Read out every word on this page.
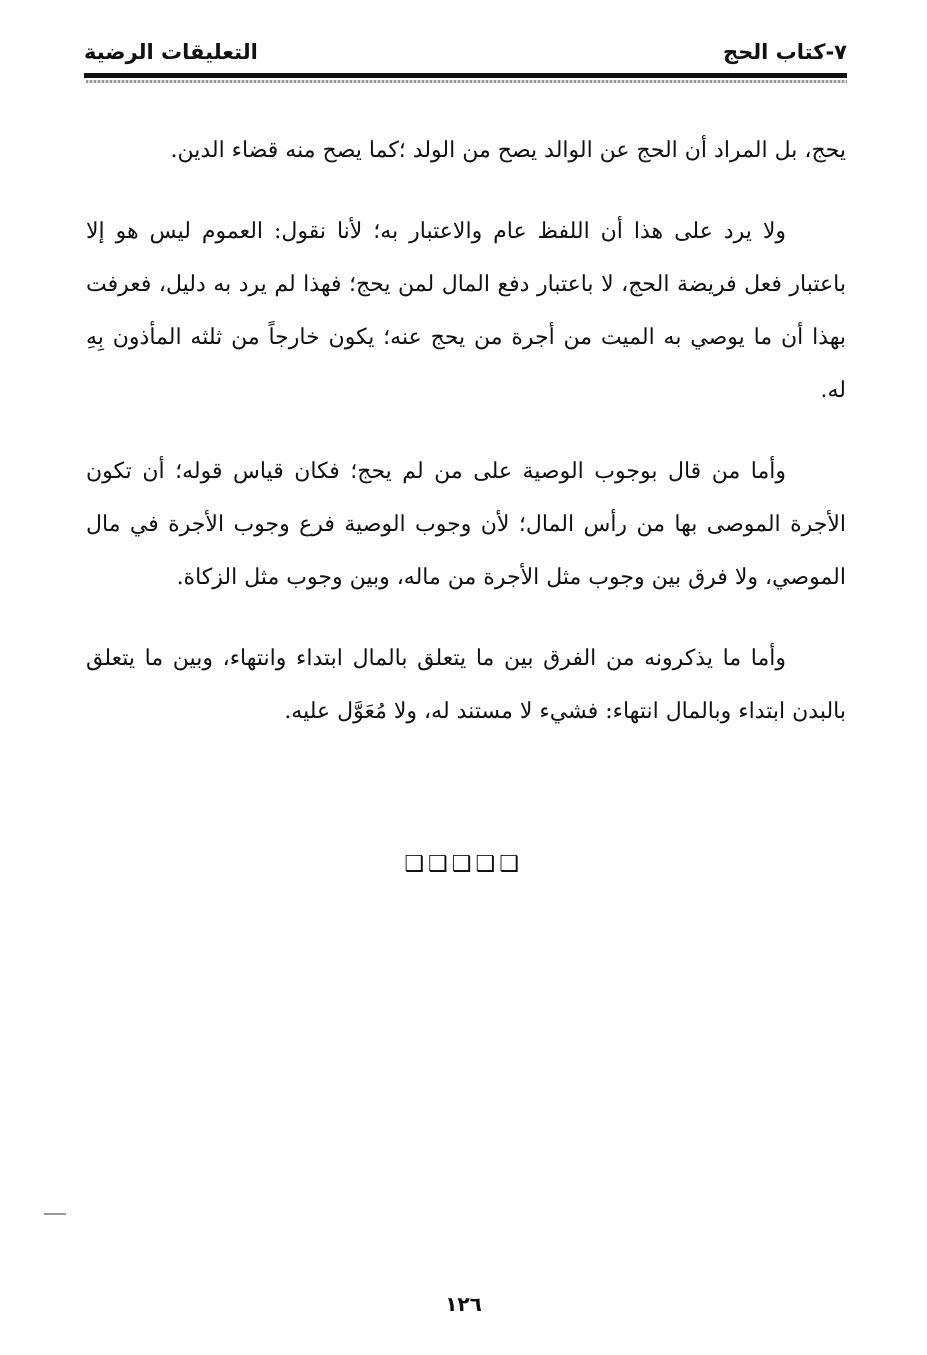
٧-كتاب الحج
التعليقات الرضية

يحج، بل المراد أن الحج عن الوالد يصح من الولد ؛كما يصح منه قضاء الدين.

ولا يرد على هذا أن اللفظ عام والاعتبار به؛ لأنا نقول: العموم ليس هو إلا باعتبار فعل فريضة الحج، لا باعتبار دفع المال لمن يحج؛ فهذا لم يرد به دليل، فعرفت بهذا أن ما يوصي به الميت من أجرة من يحج عنه؛ يكون خارجاً من ثلثه المأذون بِهِ له.

وأما من قال بوجوب الوصية على من لم يحج؛ فكان قياس قوله؛ أن تكون الأجرة الموصى بها من رأس المال؛ لأن وجوب الوصية فرع وجوب الأجرة في مال الموصي، ولا فرق بين وجوب مثل الأجرة من ماله، وبين وجوب مثل الزكاة.

وأما ما يذكرونه من الفرق بين ما يتعلق بالمال ابتداء وانتهاء، وبين ما يتعلق بالبدن ابتداء وبالمال انتهاء: فشيء لا مستند له، ولا مُعَوَّل عليه.

❑❑❑❑❑
١٢٦
